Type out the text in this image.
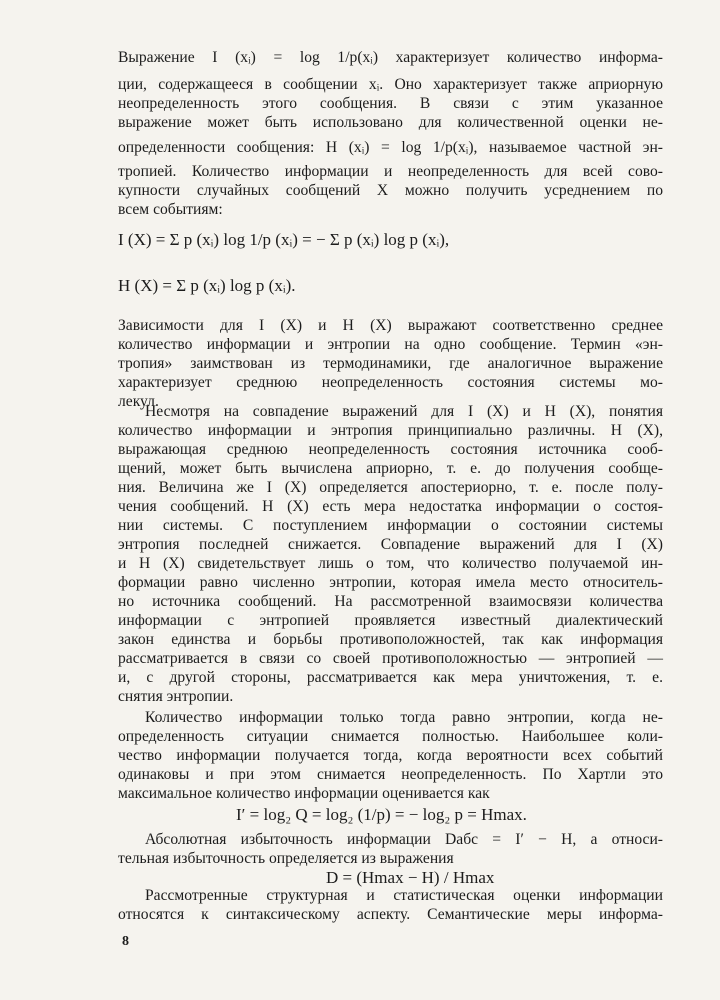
Выражение I (xᵢ) = log 1/p(xᵢ) характеризует количество информа-
ции, содержащееся в сообщении xᵢ. Оно характеризует также априорную
неопределенность этого сообщения. В связи с этим указанное
выражение может быть использовано для количественной оценки не-
определенности сообщения: H (xᵢ) = log 1/p(xᵢ), называемое частной эн-
тропией. Количество информации и неопределенность для всей сово-
купности случайных сообщений X можно получить усреднением по
всем событиям:
I (X) = Σ p (xᵢ) log 1/p (xᵢ) = − Σ p (xᵢ) log p (xᵢ),
H (X) = Σ p (xᵢ) log p (xᵢ).
Зависимости для I (X) и H (X) выражают соответственно среднее
количество информации и энтропии на одно сообщение. Термин «эн-
тропия» заимствован из термодинамики, где аналогичное выражение
характеризует среднюю неопределенность состояния системы мо-
лекул.
Несмотря на совпадение выражений для I (X) и H (X), понятия
количество информации и энтропия принципиально различны. H (X),
выражающая среднюю неопределенность состояния источника сооб-
щений, может быть вычислена априорно, т. е. до получения сообще-
ния. Величина же I (X) определяется апостериорно, т. е. после полу-
чения сообщений. H (X) есть мера недостатка информации о состоя-
нии системы. С поступлением информации о состоянии системы
энтропия последней снижается. Совпадение выражений для I (X)
и H (X) свидетельствует лишь о том, что количество получаемой ин-
формации равно численно энтропии, которая имела место относитель-
но источника сообщений. На рассмотренной взаимосвязи количества
информации с энтропией проявляется известный диалектический
закон единства и борьбы противоположностей, так как информация
рассматривается в связи со своей противоположностью — энтропией —
и, с другой стороны, рассматривается как мера уничтожения, т. е.
снятия энтропии.
Количество информации только тогда равно энтропии, когда не-
определенность ситуации снимается полностью. Наибольшее коли-
чество информации получается тогда, когда вероятности всех событий
одинаковы и при этом снимается неопределенность. По Хартли это
максимальное количество информации оценивается как
I′ = log₂ Q = log₂ (1/p) = − log₂ p = Hmax.
Абсолютная избыточность информации Dабс = I′ − H, а относи-
тельная избыточность определяется из выражения
D = (Hmax − H) / Hmax
Рассмотренные структурная и статистическая оценки информации
относятся к синтаксическому аспекту. Семантические меры информа-
8
